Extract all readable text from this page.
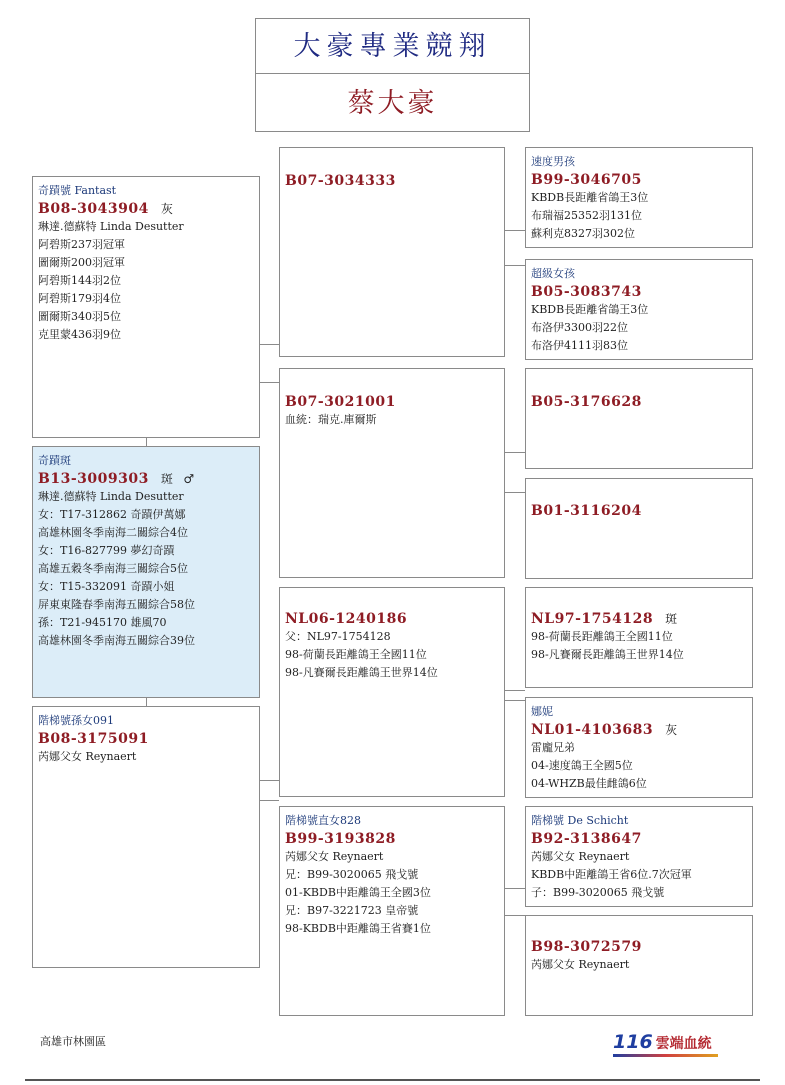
大豪專業競翔
蔡大豪
奇蹟號 Fantast
B08-3043904 灰
琳達.德蘇特 Linda Desutter
阿碧斯237羽冠軍
圖爾斯200羽冠軍
阿碧斯144羽2位
阿碧斯179羽4位
圖爾斯340羽5位
克里蒙436羽9位
奇蹟斑
B13-3009303 斑 ♂
琳達.德蘇特 Linda Desutter
女：T17-312862 奇蹟伊萬娜
高雄林園冬季南海二關綜合4位
女：T16-827799 夢幻奇蹟
高雄五穀冬季南海三關綜合5位
女：T15-332091 奇蹟小姐
屏東東隆春季南海五關綜合58位
孫：T21-945170 雄風70
高雄林園冬季南海五關綜合39位
階梯號孫女091
B08-3175091
芮娜父女 Reynaert
B07-3034333
B07-3021001
血統：瑞克.庫爾斯
NL06-1240186
父：NL97-1754128
98-荷蘭長距離鴿王全國11位
98-凡賽爾長距離鴿王世界14位
階梯號直女828
B99-3193828
芮娜父女 Reynaert
兄：B99-3020065 飛戈號
01-KBDB中距離鴿王全國3位
兄：B97-3221723 皇帝號
98-KBDB中距離鴿王省賽1位
速度男孩
B99-3046705
KBDB長距離省鴿王3位
布瑞福25352羽131位
蘇利克8327羽302位
超級女孩
B05-3083743
KBDB長距離省鴿王3位
布洛伊3300羽22位
布洛伊4111羽83位
B05-3176628
B01-3116204
NL97-1754128 斑
98-荷蘭長距離鴿王全國11位
98-凡賽爾長距離鴿王世界14位
娜妮
NL01-4103683 灰
雷龐兄弟
04-速度鴿王全國5位
04-WHZB最佳雌鴿6位
階梯號 De Schicht
B92-3138647
芮娜父女 Reynaert
KBDB中距離鴿王省6位.7次冠軍
子：B99-3020065 飛戈號
B98-3072579
芮娜父女 Reynaert
高雄市林園區	116 雲端血統
